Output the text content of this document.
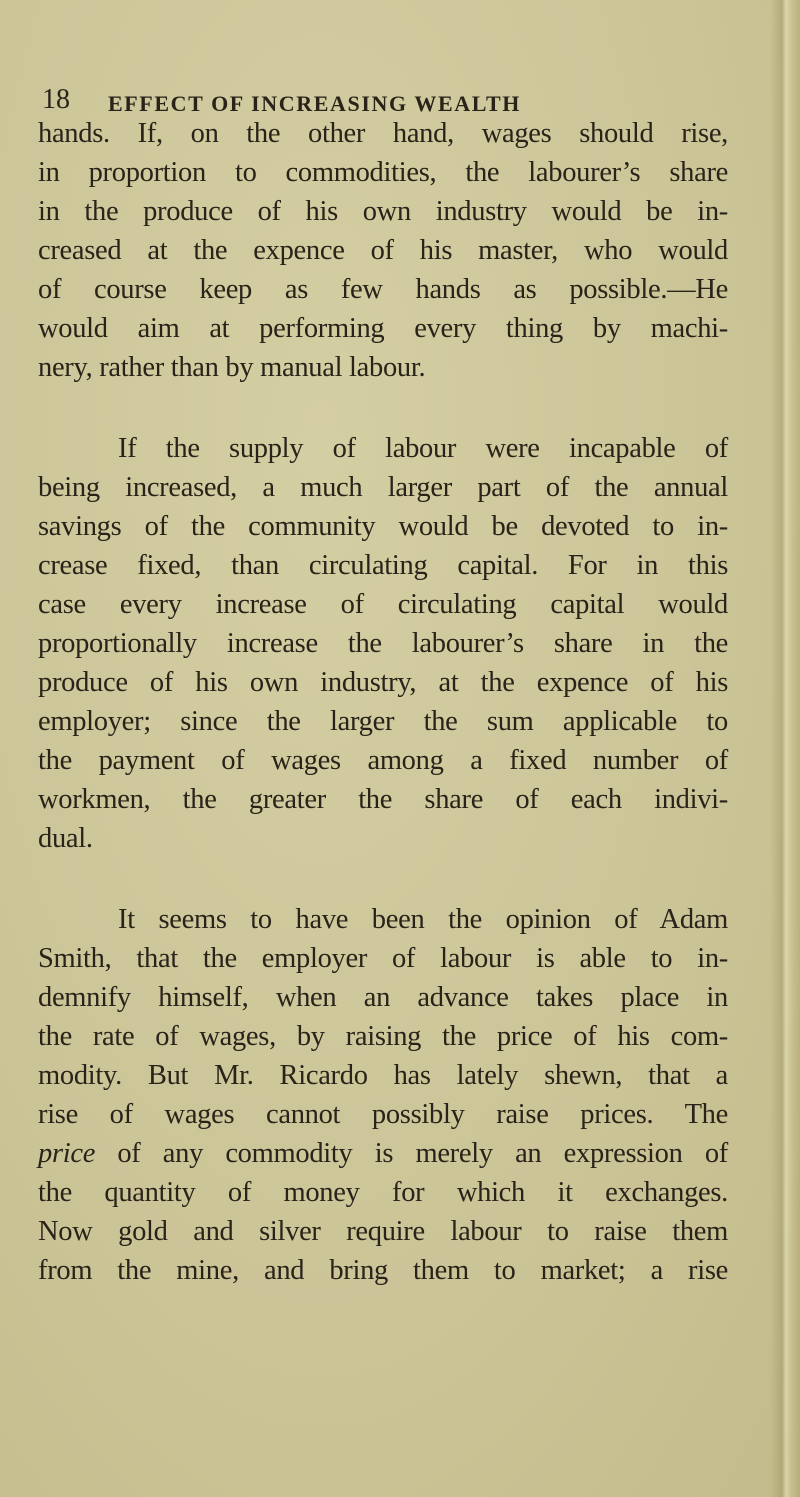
18 EFFECT OF INCREASING WEALTH

hands. If, on the other hand, wages should rise,
in proportion to commodities, the labourer’s share
in the produce of his own industry would be in-
creased at the expence of his master, who would
of course keep as few hands as possible.—He
would aim at performing every thing by machi-
nery, rather than by manual labour.

If the supply of labour were incapable of
being increased, a much larger part of the annual
savings of the community would be devoted to in-
crease fixed, than circulating capital. For in this
case every increase of circulating capital would
proportionally increase the labourer’s share in the
produce of his own industry, at the expence of his
employer; since the larger the sum applicable to
the payment of wages among a fixed number of
workmen, the greater the share of each indivi-
dual.

It seems to have been the opinion of Adam
Smith, that the employer of labour is able to in-
demnify himself, when an advance takes place in
the rate of wages, by raising the price of his com-
modity. But Mr. Ricardo has lately shewn, that a
rise of wages cannot possibly raise prices. The
price of any commodity is merely an expression of
the quantity of money for which it exchanges.
Now gold and silver require labour to raise them
from the mine, and bring them to market; a rise
